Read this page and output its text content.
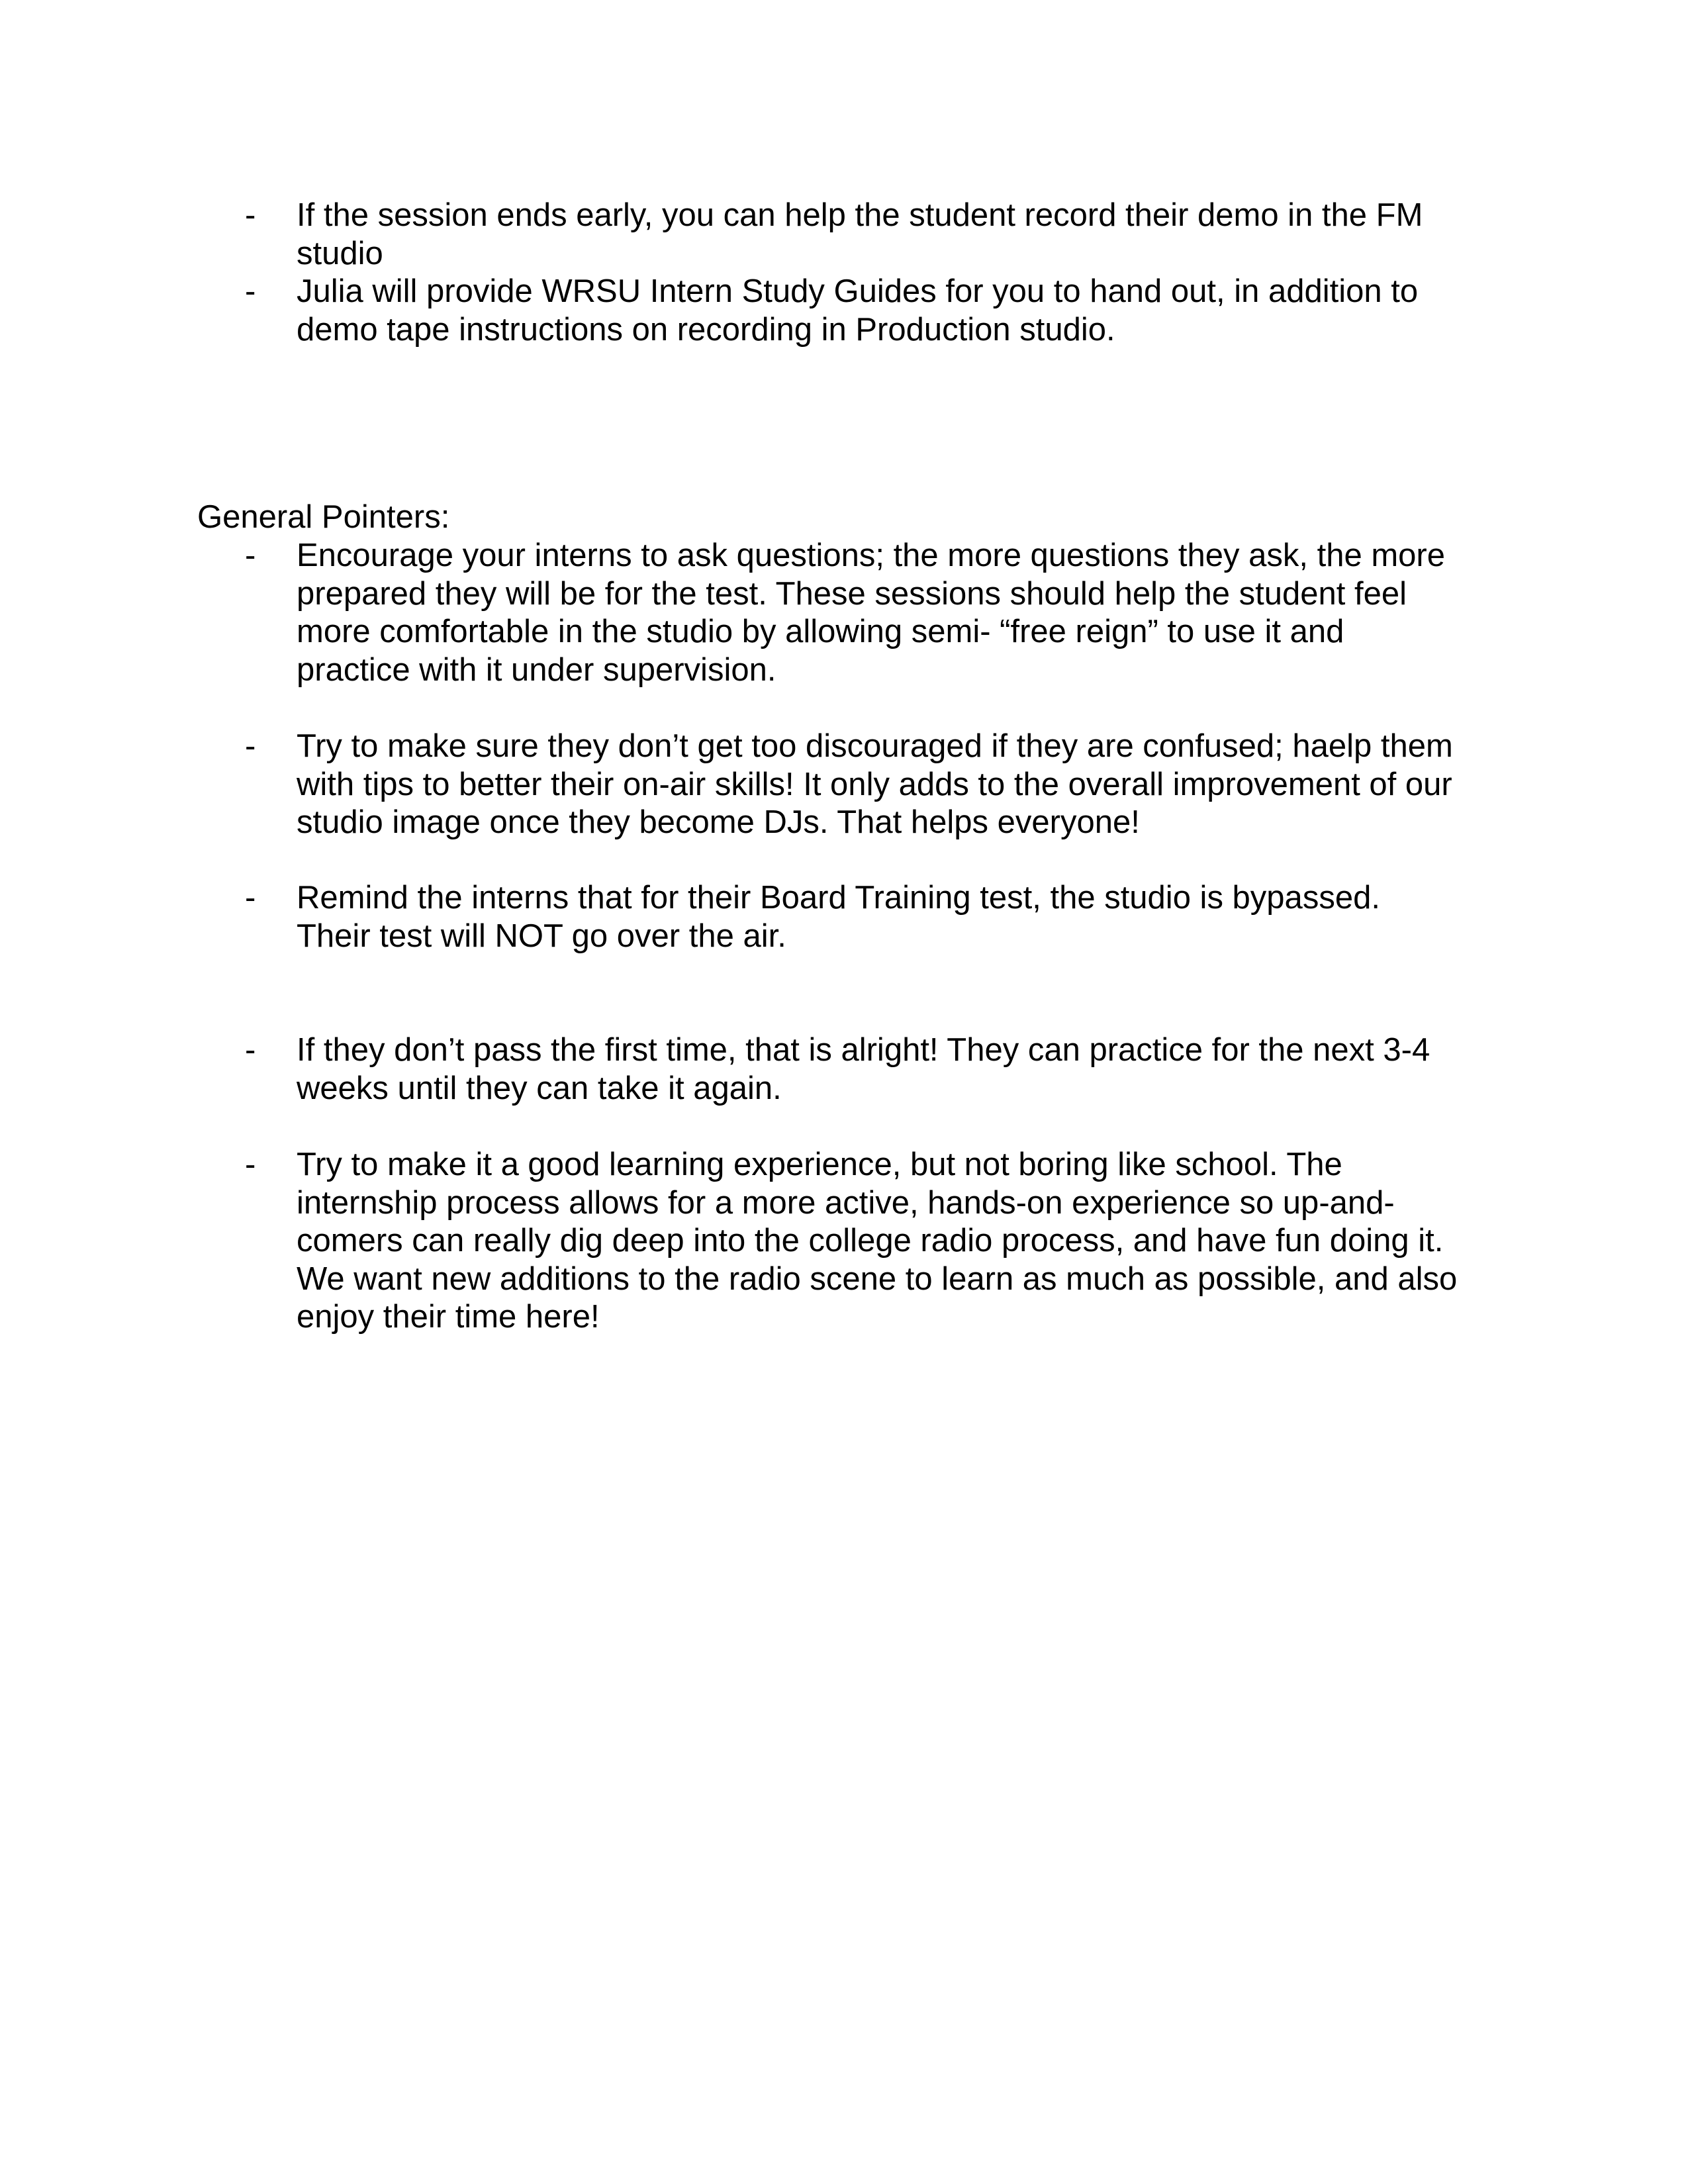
- If the session ends early, you can help the student record their demo in the FM
studio
- Julia will provide WRSU Intern Study Guides for you to hand out, in addition to
demo tape instructions on recording in Production studio.
General Pointers:
- Encourage your interns to ask questions; the more questions they ask, the more
prepared they will be for the test. These sessions should help the student feel
more comfortable in the studio by allowing semi- “free reign” to use it and
practice with it under supervision.
- Try to make sure they don’t get too discouraged if they are confused; haelp them
with tips to better their on-air skills! It only adds to the overall improvement of our
studio image once they become DJs. That helps everyone!
- Remind the interns that for their Board Training test, the studio is bypassed.
Their test will NOT go over the air.
- If they don’t pass the first time, that is alright! They can practice for the next 3-4
weeks until they can take it again.
- Try to make it a good learning experience, but not boring like school. The
internship process allows for a more active, hands-on experience so up-and-
comers can really dig deep into the college radio process, and have fun doing it.
We want new additions to the radio scene to learn as much as possible, and also
enjoy their time here!
